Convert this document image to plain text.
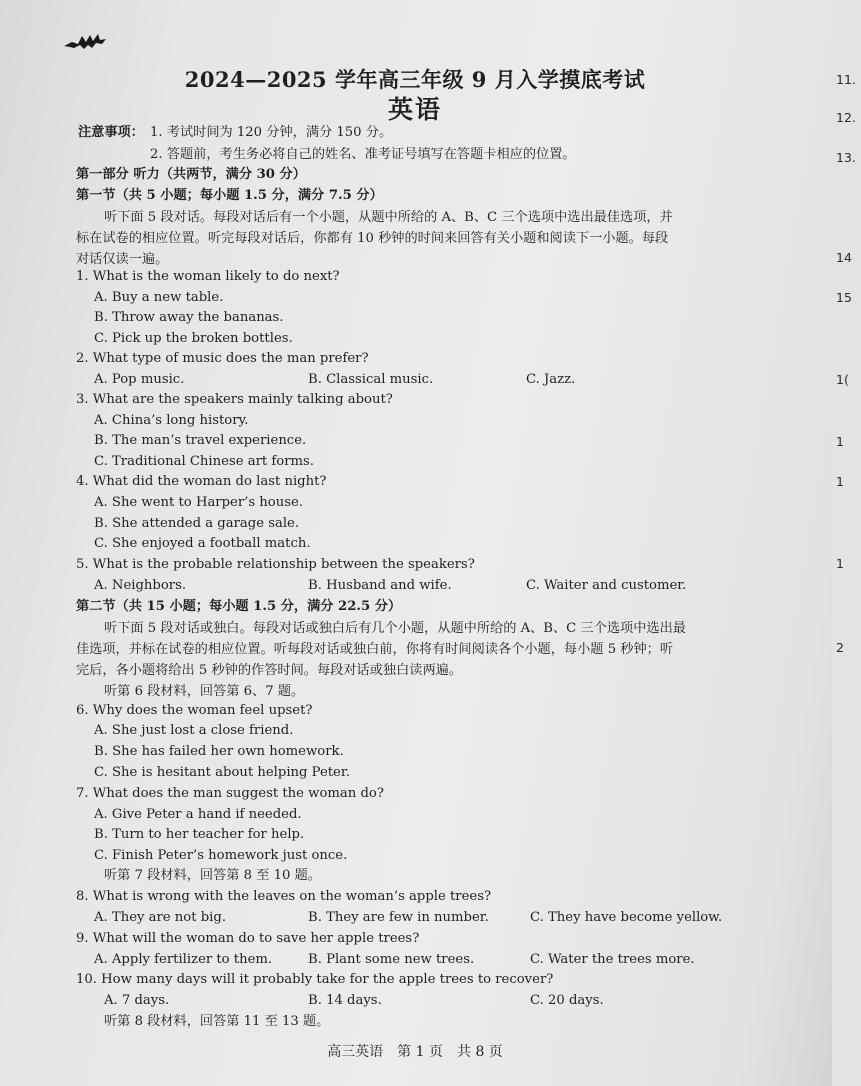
2024—2025 学年高三年级 9 月入学摸底考试
英语
注意事项： 1. 考试时间为 120 分钟，满分 150 分。
2. 答题前，考生务必将自己的姓名、准考证号填写在答题卡相应的位置。
第一部分 听力（共两节，满分 30 分）
第一节（共 5 小题；每小题 1.5 分，满分 7.5 分）
听下面 5 段对话。每段对话后有一个小题，从题中所给的 A、B、C 三个选项中选出最佳选项，并
标在试卷的相应位置。听完每段对话后，你都有 10 秒钟的时间来回答有关小题和阅读下一小题。每段
对话仅读一遍。
1. What is the woman likely to do next?
A. Buy a new table.
B. Throw away the bananas.
C. Pick up the broken bottles.
2. What type of music does the man prefer?
A. Pop music.	B. Classical music.	C. Jazz.
3. What are the speakers mainly talking about?
A. China’s long history.
B. The man’s travel experience.
C. Traditional Chinese art forms.
4. What did the woman do last night?
A. She went to Harper’s house.
B. She attended a garage sale.
C. She enjoyed a football match.
5. What is the probable relationship between the speakers?
A. Neighbors.	B. Husband and wife.	C. Waiter and customer.
第二节（共 15 小题；每小题 1.5 分，满分 22.5 分）
听下面 5 段对话或独白。每段对话或独白后有几个小题，从题中所给的 A、B、C 三个选项中选出最
佳选项，并标在试卷的相应位置。听每段对话或独白前，你将有时间阅读各个小题，每小题 5 秒钟；听
完后，各小题将给出 5 秒钟的作答时间。每段对话或独白读两遍。
听第 6 段材料，回答第 6、7 题。
6. Why does the woman feel upset?
A. She just lost a close friend.
B. She has failed her own homework.
C. She is hesitant about helping Peter.
7. What does the man suggest the woman do?
A. Give Peter a hand if needed.
B. Turn to her teacher for help.
C. Finish Peter’s homework just once.
听第 7 段材料，回答第 8 至 10 题。
8. What is wrong with the leaves on the woman’s apple trees?
A. They are not big.	B. They are few in number.	C. They have become yellow.
9. What will the woman do to save her apple trees?
A. Apply fertilizer to them.	B. Plant some new trees.	C. Water the trees more.
10. How many days will it probably take for the apple trees to recover?
A. 7 days.	B. 14 days.	C. 20 days.
听第 8 段材料，回答第 11 至 13 题。
高三英语　第 1 页　共 8 页
11.
12.
13.
14
15
1(
1
1
1
2
